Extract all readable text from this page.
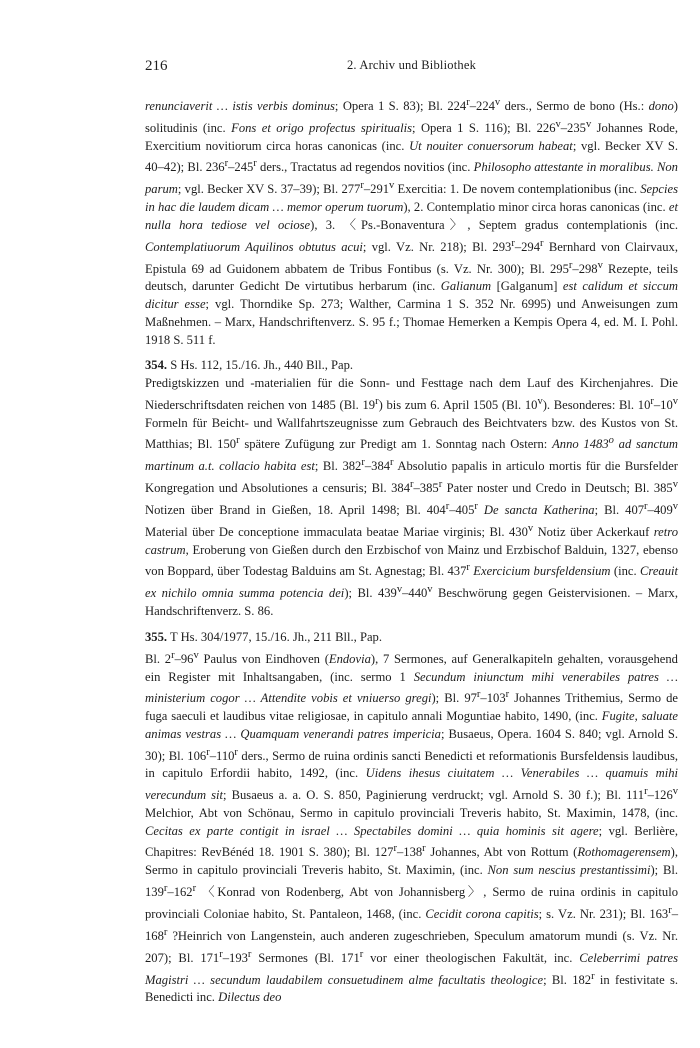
216	2. Archiv und Bibliothek

renunciaverit … istis verbis dominus; Opera 1 S. 83); Bl. 224$^r$–224$^v$ ders., Sermo de bono (Hs.: dono) solitudinis (inc. Fons et origo profectus spiritualis; Opera 1 S. 116); Bl. 226$^v$–235$^v$ Johannes Rode, Exercitium novitiorum circa horas canonicas (inc. Ut nouiter conuersorum habeat; vgl. Becker XV S. 40–42); Bl. 236$^r$–245$^r$ ders., Tractatus ad regendos novitios (inc. Philosopho attestante in moralibus. Non parum; vgl. Becker XV S. 37–39); Bl. 277$^r$–291$^v$ Exercitia: 1. De novem contemplationibus (inc. Sepcies in hac die laudem dicam … memor operum tuorum), 2. Contemplatio minor circa horas canonicas (inc. et nulla hora tediose vel ociose), 3. 〈Ps.-Bonaventura〉, Septem gradus contemplationis (inc. Contemplatiuorum Aquilinos obtutus acui; vgl. Vz. Nr. 218); Bl. 293$^r$–294$^r$ Bernhard von Clairvaux, Epistula 69 ad Guidonem abbatem de Tribus Fontibus (s. Vz. Nr. 300); Bl. 295$^r$–298$^v$ Rezepte, teils deutsch, darunter Gedicht De virtutibus herbarum (inc. Galianum [Galganum] est calidum et siccum dicitur esse; vgl. Thorndike Sp. 273; Walther, Carmina 1 S. 352 Nr. 6995) und Anweisungen zum Maßnehmen. – Marx, Handschriftenverz. S. 95 f.; Thomae Hemerken a Kempis Opera 4, ed. M. I. Pohl. 1918 S. 511 f.

354. S Hs. 112, 15./16. Jh., 440 Bll., Pap.

Predigtskizzen und -materialien für die Sonn- und Festtage nach dem Lauf des Kirchenjahres. Die Niederschriftsdaten reichen von 1485 (Bl. 19$^r$) bis zum 6. April 1505 (Bl. 10$^v$). Besonderes: Bl. 10$^r$–10$^v$ Formeln für Beicht- und Wallfahrtszeugnisse zum Gebrauch des Beichtvaters bzw. des Kustos von St. Matthias; Bl. 150$^r$ spätere Zufügung zur Predigt am 1. Sonntag nach Ostern: Anno 1483$^o$ ad sanctum martinum a.t. collacio habita est; Bl. 382$^r$–384$^r$ Absolutio papalis in articulo mortis für die Bursfelder Kongregation und Absolutiones a censuris; Bl. 384$^r$–385$^r$ Pater noster und Credo in Deutsch; Bl. 385$^v$ Notizen über Brand in Gießen, 18. April 1498; Bl. 404$^r$–405$^r$ De sancta Katherina; Bl. 407$^r$–409$^v$ Material über De conceptione immaculata beatae Mariae virginis; Bl. 430$^v$ Notiz über Ackerkauf retro castrum, Eroberung von Gießen durch den Erzbischof von Mainz und Erzbischof Balduin, 1327, ebenso von Boppard, über Todestag Balduins am St. Agnestag; Bl. 437$^r$ Exercicium bursfeldensium (inc. Creauit ex nichilo omnia summa potencia dei); Bl. 439$^v$–440$^v$ Beschwörung gegen Geistervisionen. – Marx, Handschriftenverz. S. 86.

355. T Hs. 304/1977, 15./16. Jh., 211 Bll., Pap.

Bl. 2$^r$–96$^v$ Paulus von Eindhoven (Endovia), 7 Sermones, auf Generalkapiteln gehalten, vorausgehend ein Register mit Inhaltsangaben, (inc. sermo 1 Secundum iniunctum mihi venerabiles patres … ministerium cogor … Attendite vobis et vniuerso gregi); Bl. 97$^r$–103$^r$ Johannes Trithemius, Sermo de fuga saeculi et laudibus vitae religiosae, in capitulo annali Moguntiae habito, 1490, (inc. Fugite, saluate animas vestras … Quamquam venerandi patres impericia; Busaeus, Opera. 1604 S. 840; vgl. Arnold S. 30); Bl. 106$^r$–110$^r$ ders., Sermo de ruina ordinis sancti Benedicti et reformationis Bursfeldensis laudibus, in capitulo Erfordii habito, 1492, (inc. Uidens ihesus ciuitatem … Venerabiles … quamuis mihi verecundum sit; Busaeus a. a. O. S. 850, Paginierung verdruckt; vgl. Arnold S. 30 f.); Bl. 111$^r$–126$^v$ Melchior, Abt von Schönau, Sermo in capitulo provinciali Treveris habito, St. Maximin, 1478, (inc. Cecitas ex parte contigit in israel … Spectabiles domini … quia hominis sit agere; vgl. Berlière, Chapitres: RevBénéd 18. 1901 S. 380); Bl. 127$^r$–138$^r$ Johannes, Abt von Rottum (Rothomagerensem), Sermo in capitulo provinciali Treveris habito, St. Maximin, (inc. Non sum nescius prestantissimi); Bl. 139$^r$–162$^r$ 〈Konrad von Rodenberg, Abt von Johannisberg〉, Sermo de ruina ordinis in capitulo provinciali Coloniae habito, St. Pantaleon, 1468, (inc. Cecidit corona capitis; s. Vz. Nr. 231); Bl. 163$^r$–168$^r$ ?Heinrich von Langenstein, auch anderen zugeschrieben, Speculum amatorum mundi (s. Vz. Nr. 207); Bl. 171$^r$–193$^r$ Sermones (Bl. 171$^r$ vor einer theologischen Fakultät, inc. Celeberrimi patres Magistri … secundum laudabilem consuetudinem alme facultatis theologice; Bl. 182$^r$ in festivitate s. Benedicti inc. Dilectus deo
